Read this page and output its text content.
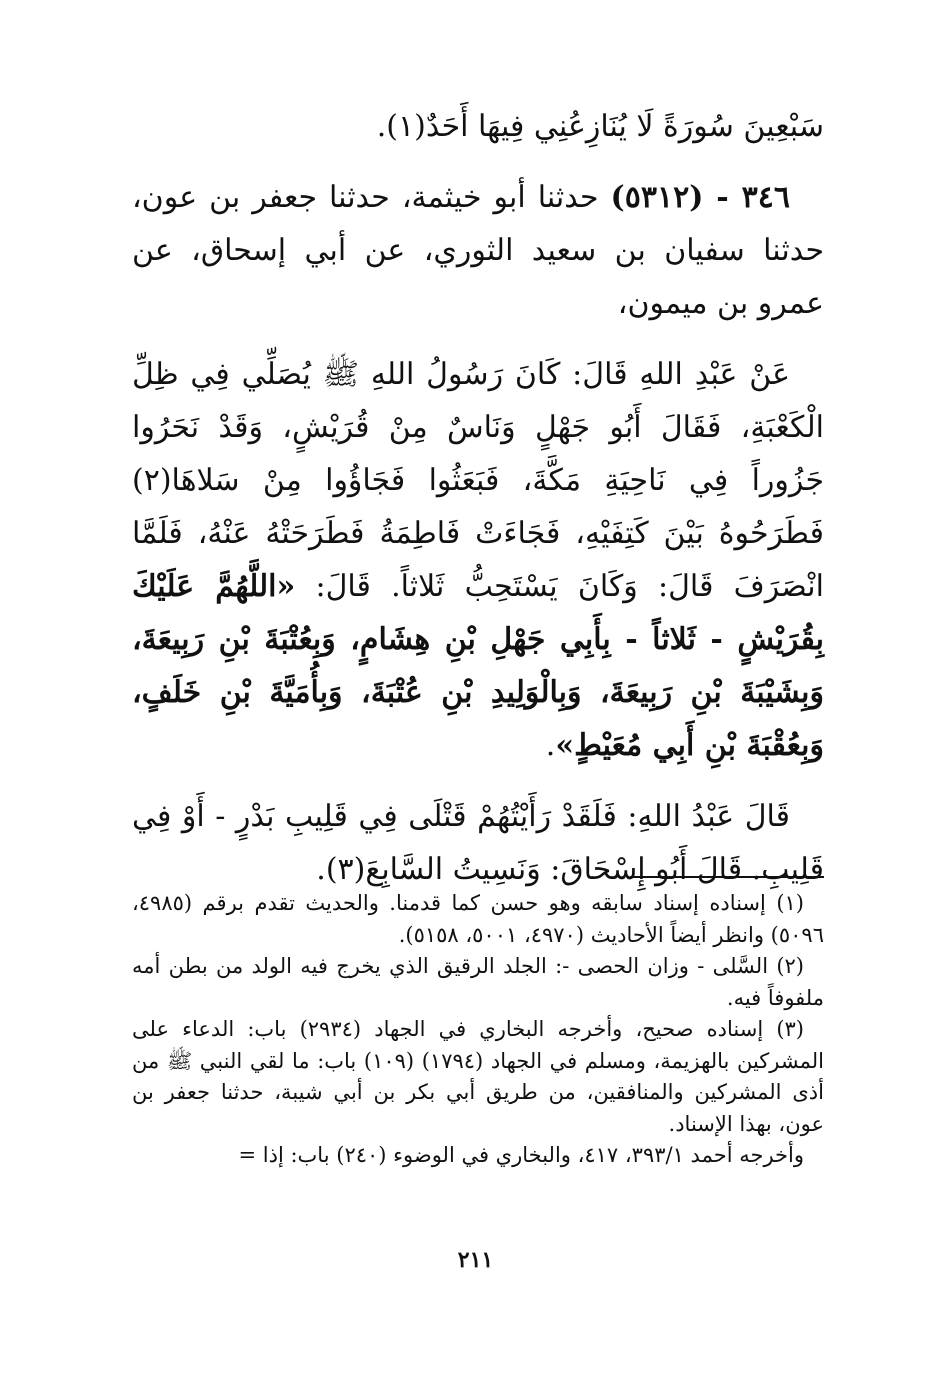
سَبْعِينَ سُورَةً لَا يُنَازِعُنِي فِيهَا أَحَدٌ(١).

٣٤٦ - (٥٣١٢) حدثنا أبو خيثمة، حدثنا جعفر بن عون، حدثنا سفيان بن سعيد الثوري، عن أبي إسحاق، عن عمرو بن ميمون،

عَنْ عَبْدِ اللهِ قَالَ: كَانَ رَسُولُ اللهِ ﷺ يُصَلِّي فِي ظِلِّ الْكَعْبَةِ، فَقَالَ أَبُو جَهْلٍ وَنَاسٌ مِنْ قُرَيْشٍ، وَقَدْ نَحَرُوا جَزُوراً فِي نَاحِيَةِ مَكَّةَ، فَبَعَثُوا فَجَاؤُوا مِنْ سَلاهَا(٢) فَطَرَحُوهُ بَيْنَ كَتِفَيْهِ، فَجَاءَتْ فَاطِمَةُ فَطَرَحَتْهُ عَنْهُ، فَلَمَّا انْصَرَفَ قَالَ: وَكَانَ يَسْتَحِبُّ ثَلاثاً. قَالَ: «اللَّهُمَّ عَلَيْكَ بِقُرَيْشٍ - ثَلاثاً - بِأَبِي جَهْلِ بْنِ هِشَامٍ، وَبِعُتْبَةَ بْنِ رَبِيعَةَ، وَبِشَيْبَةَ بْنِ رَبِيعَةَ، وَبِالْوَلِيدِ بْنِ عُتْبَةَ، وَبِأُمَيَّةَ بْنِ خَلَفٍ، وَبِعُقْبَةَ بْنِ أَبِي مُعَيْطٍ».

قَالَ عَبْدُ اللهِ: فَلَقَدْ رَأَيْتُهُمْ قَتْلَى فِي قَلِيبِ بَدْرٍ - أَوْ فِي قَلِيبِ. قَالَ أَبُو إِسْحَاقَ: وَنَسِيتُ السَّابِعَ(٣).

(١) إسناده إسناد سابقه وهو حسن كما قدمنا. والحديث تقدم برقم (٤٩٨٥، ٥٠٩٦) وانظر أيضاً الأحاديث (٤٩٧٠، ٥٠٠١، ٥١٥٨).

(٢) السَّلى - وزان الحصى -: الجلد الرقيق الذي يخرج فيه الولد من بطن أمه ملفوفاً فيه.

(٣) إسناده صحيح، وأخرجه البخاري في الجهاد (٢٩٣٤) باب: الدعاء على المشركين بالهزيمة، ومسلم في الجهاد (١٧٩٤) (١٠٩) باب: ما لقي النبي ﷺ من أذى المشركين والمنافقين، من طريق أبي بكر بن أبي شيبة، حدثنا جعفر بن عون، بهذا الإسناد.

وأخرجه أحمد ٣٩٣/١، ٤١٧، والبخاري في الوضوء (٢٤٠) باب: إذا =

٢١١
